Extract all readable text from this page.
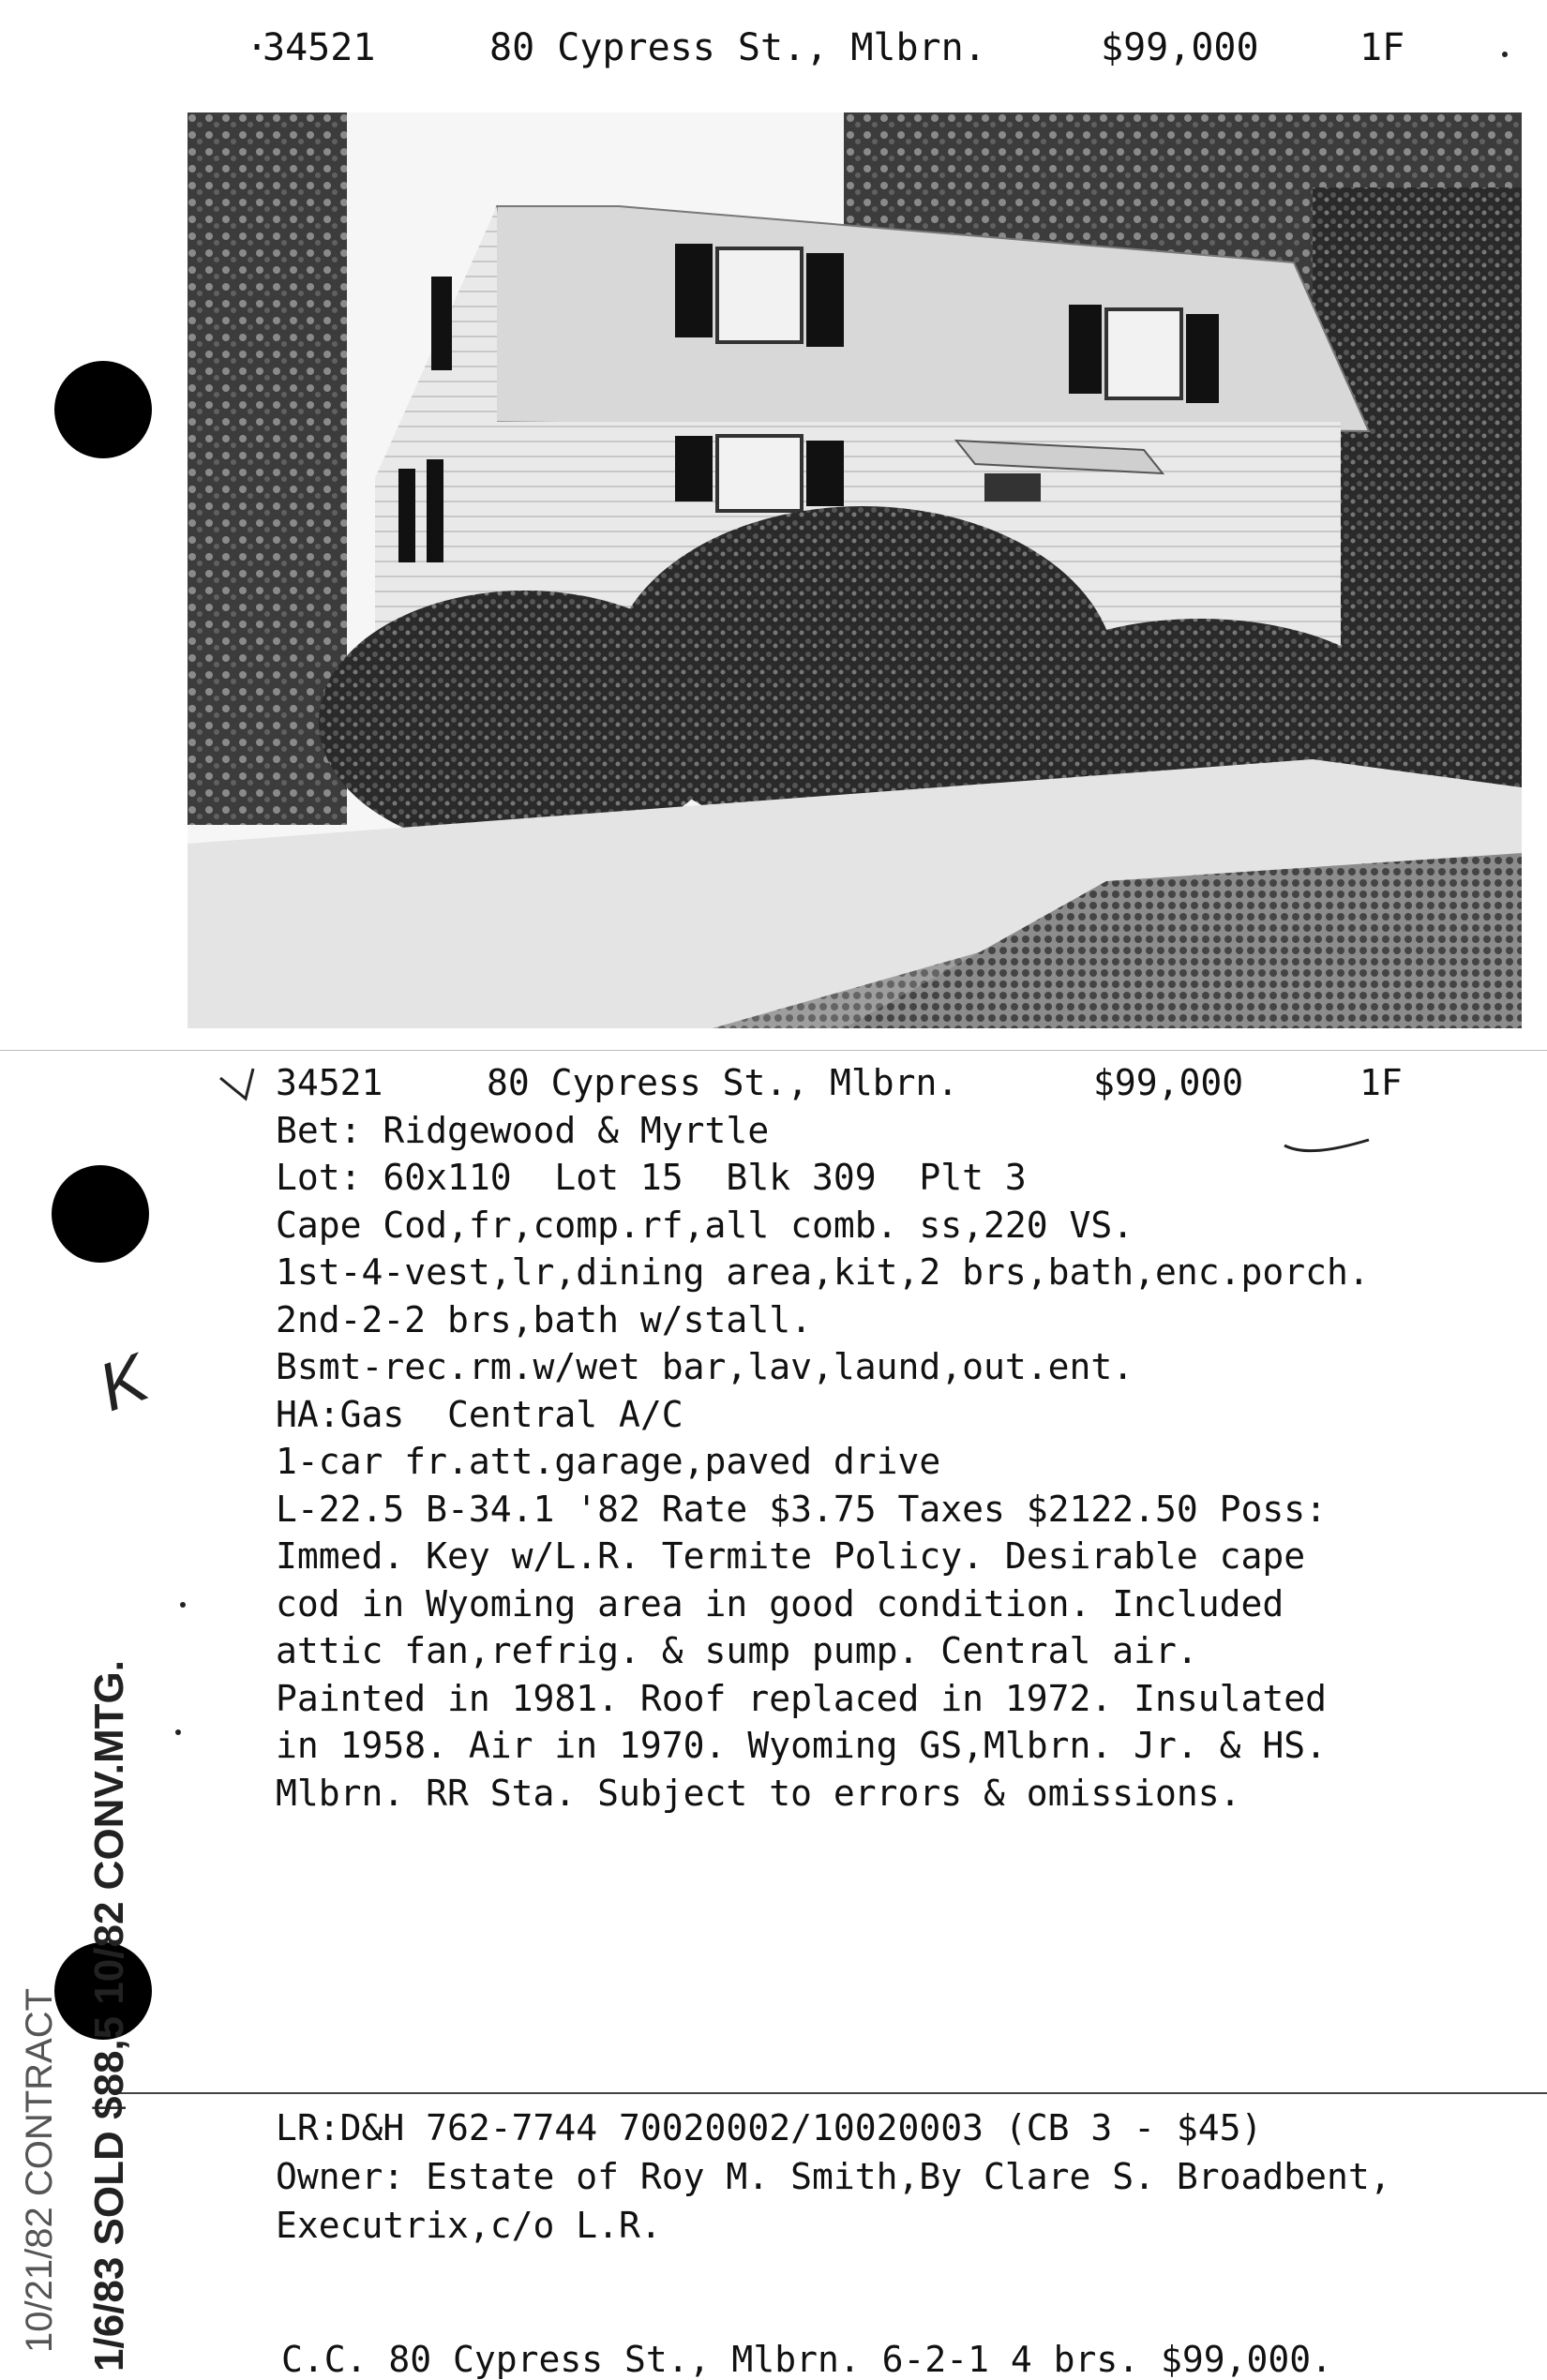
·
34521	80 Cypress St., Mlbrn.	$99,000	1F

34521

	80 Cypress St., Mlbrn.

	$99,000

	1F

Bet: Ridgewood & Myrtle
Lot: 60x110  Lot 15  Blk 309  Plt 3
Cape Cod,fr,comp.rf,all comb. ss,220 VS.
1st-4-vest,lr,dining area,kit,2 brs,bath,enc.porch.
2nd-2-2 brs,bath w/stall.
Bsmt-rec.rm.w/wet bar,lav,laund,out.ent.
HA:Gas  Central A/C
1-car fr.att.garage,paved drive
L-22.5 B-34.1 '82 Rate $3.75 Taxes $2122.50 Poss:
Immed. Key w/L.R. Termite Policy. Desirable cape
cod in Wyoming area in good condition. Included
attic fan,refrig. & sump pump. Central air.
Painted in 1981. Roof replaced in 1972. Insulated
in 1958. Air in 1970. Wyoming GS,Mlbrn. Jr. & HS.
Mlbrn. RR Sta. Subject to errors & omissions.
LR:D&H 762-7744 70020002/10020003 (CB 3 - $45)
Owner: Estate of Roy M. Smith,By Clare S. Broadbent,
Executrix,c/o L.R.
C.C. 80 Cypress St., Mlbrn. 6-2-1 4 brs. $99,000.
1/6/83 SOLD $88,5 10/82 CONV.MTG.
10/21/82 CONTRACT
K
